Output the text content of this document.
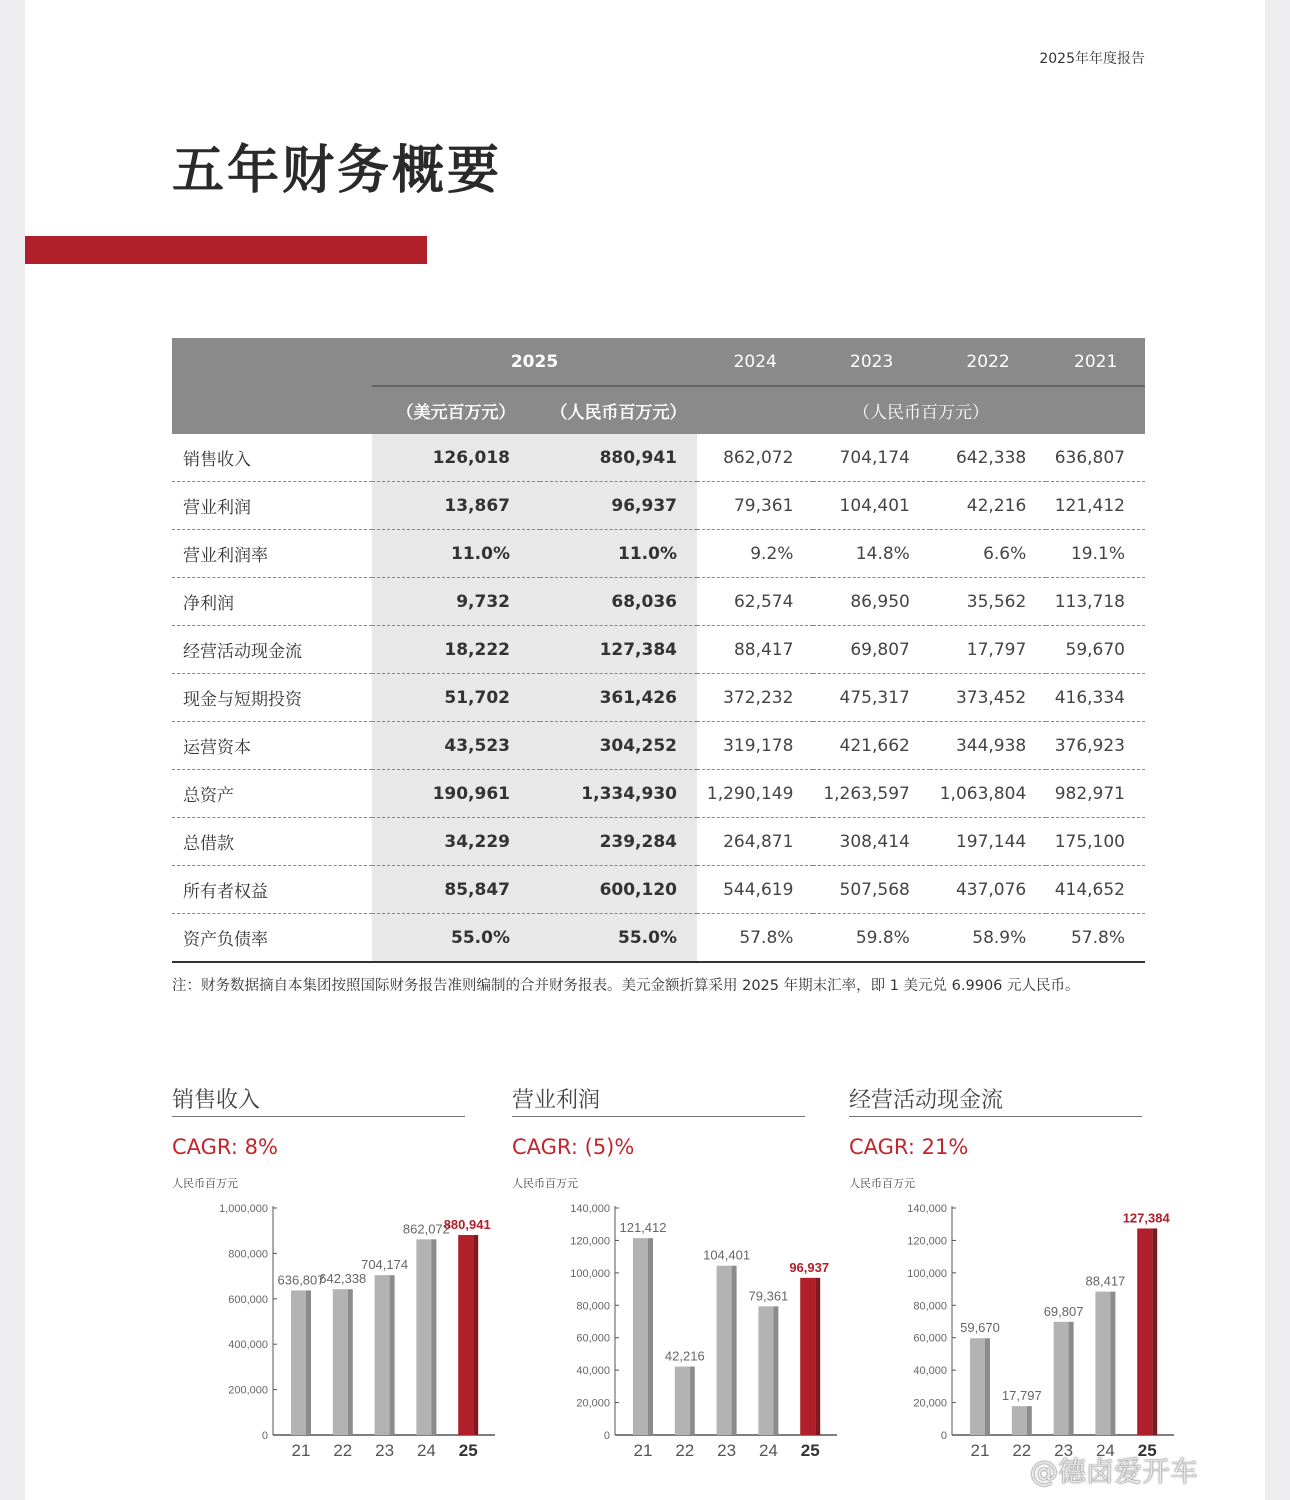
2025年年度报告
五年财务概要
	2025		2024	2023	2022	2021
	（美元百万元）	（人民币百万元）	（人民币百万元）			
销售收入	126,018	880,941	862,072	704,174	642,338	636,807
营业利润	13,867	96,937	79,361	104,401	42,216	121,412
营业利润率	11.0%	11.0%	9.2%	14.8%	6.6%	19.1%
净利润	9,732	68,036	62,574	86,950	35,562	113,718
经营活动现金流	18,222	127,384	88,417	69,807	17,797	59,670
现金与短期投资	51,702	361,426	372,232	475,317	373,452	416,334
运营资本	43,523	304,252	319,178	421,662	344,938	376,923
总资产	190,961	1,334,930	1,290,149	1,263,597	1,063,804	982,971
总借款	34,229	239,284	264,871	308,414	197,144	175,100
所有者权益	85,847	600,120	544,619	507,568	437,076	414,652
资产负债率	55.0%	55.0%	57.8%	59.8%	58.9%	57.8%
注：财务数据摘自本集团按照国际财务报告准则编制的合并财务报表。美元金额折算采用 2025 年期末汇率，即 1 美元兑 6.9906 元人民币。
销售收入
CAGR: 8%
人民币百万元
0
200,000
400,000
600,000
800,000
1,000,000
636,807
21
642,338
22
704,174
23
862,072
24
880,941
25
营业利润
CAGR: (5)%
人民币百万元
0
20,000
40,000
60,000
80,000
100,000
120,000
140,000
121,412
21
42,216
22
104,401
23
79,361
24
96,937
25
经营活动现金流
CAGR: 21%
人民币百万元
0
20,000
40,000
60,000
80,000
100,000
120,000
140,000
59,670
21
17,797
22
69,807
23
88,417
24
127,384
25
@德卤爱开车
